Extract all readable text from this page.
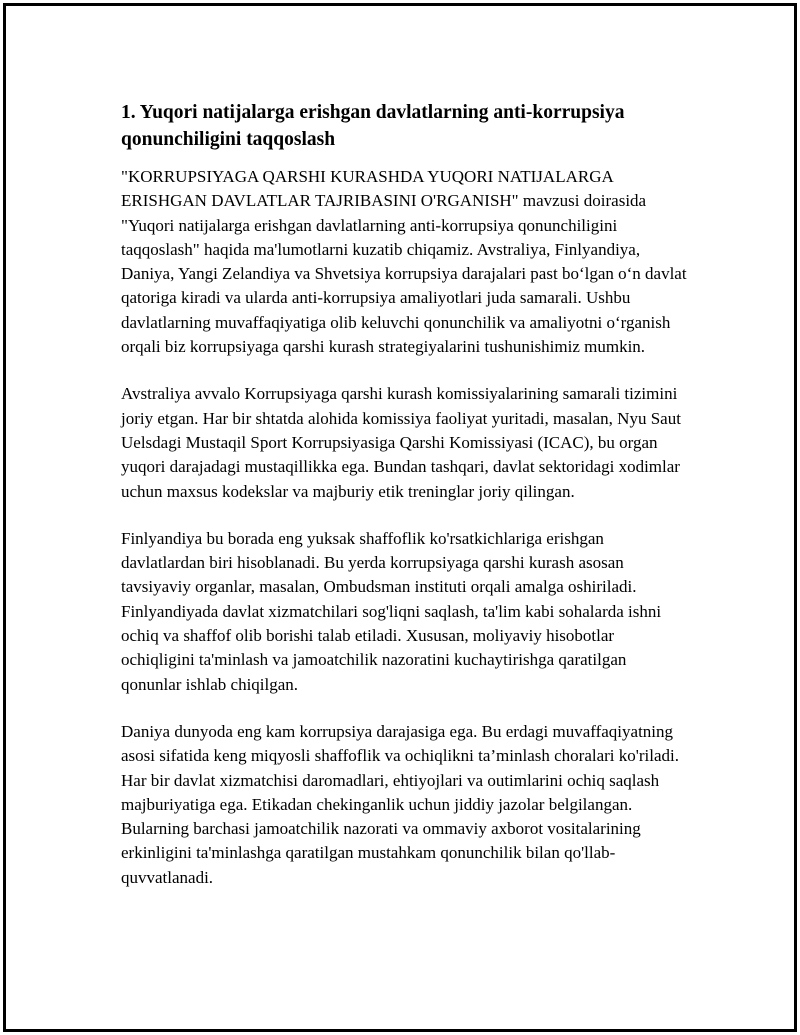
1. Yuqori natijalarga erishgan davlatlarning anti-korrupsiya qonunchiligini taqqoslash

"KORRUPSIYAGA QARSHI KURASHDA YUQORI NATIJALARGA ERISHGAN DAVLATLAR TAJRIBASINI O'RGANISH" mavzusi doirasida "Yuqori natijalarga erishgan davlatlarning anti-korrupsiya qonunchiligini taqqoslash" haqida ma'lumotlarni kuzatib chiqamiz. Avstraliya, Finlyandiya, Daniya, Yangi Zelandiya va Shvetsiya korrupsiya darajalari past bo‘lgan o‘n davlat qatoriga kiradi va ularda anti-korrupsiya amaliyotlari juda samarali. Ushbu davlatlarning muvaffaqiyatiga olib keluvchi qonunchilik va amaliyotni o‘rganish orqali biz korrupsiyaga qarshi kurash strategiyalarini tushunishimiz mumkin.

Avstraliya avvalo Korrupsiyaga qarshi kurash komissiyalarining samarali tizimini joriy etgan. Har bir shtatda alohida komissiya faoliyat yuritadi, masalan, Nyu Saut Uelsdagi Mustaqil Sport Korrupsiyasiga Qarshi Komissiyasi (ICAC), bu organ yuqori darajadagi mustaqillikka ega. Bundan tashqari, davlat sektoridagi xodimlar uchun maxsus kodekslar va majburiy etik treninglar joriy qilingan.

Finlyandiya bu borada eng yuksak shaffoflik ko'rsatkichlariga erishgan davlatlardan biri hisoblanadi. Bu yerda korrupsiyaga qarshi kurash asosan tavsiyaviy organlar, masalan, Ombudsman instituti orqali amalga oshiriladi. Finlyandiyada davlat xizmatchilari sog'liqni saqlash, ta'lim kabi sohalarda ishni ochiq va shaffof olib borishi talab etiladi. Xususan, moliyaviy hisobotlar ochiqligini ta'minlash va jamoatchilik nazoratini kuchaytirishga qaratilgan qonunlar ishlab chiqilgan.

Daniya dunyoda eng kam korrupsiya darajasiga ega. Bu erdagi muvaffaqiyatning asosi sifatida keng miqyosli shaffoflik va ochiqlikni ta’minlash choralari ko'riladi. Har bir davlat xizmatchisi daromadlari, ehtiyojlari va outimlarini ochiq saqlash majburiyatiga ega. Etikadan chekinganlik uchun jiddiy jazolar belgilangan. Bularning barchasi jamoatchilik nazorati va ommaviy axborot vositalarining erkinligini ta'minlashga qaratilgan mustahkam qonunchilik bilan qo'llab-quvvatlanadi.
